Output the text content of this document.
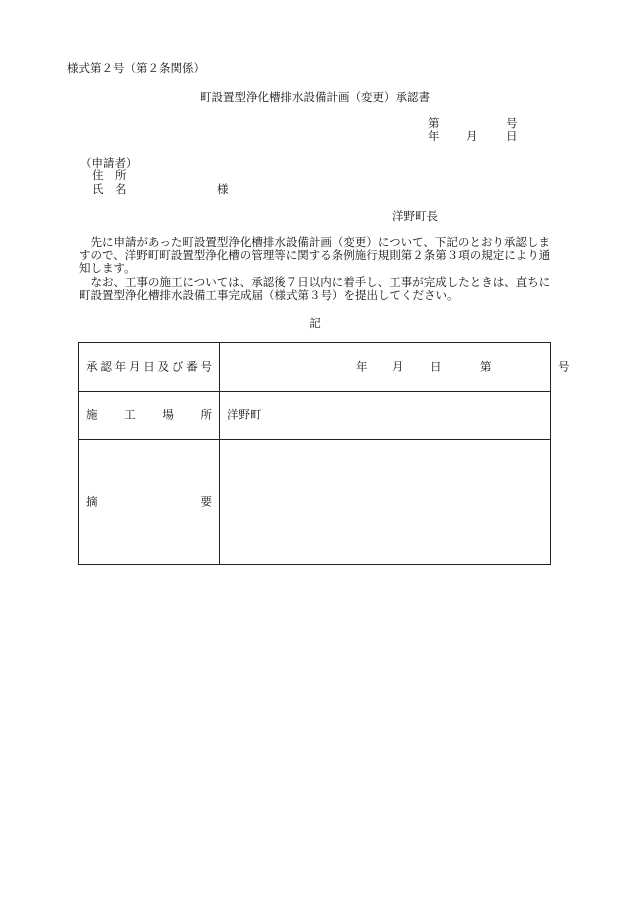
様式第２号（第２条関係）
町設置型浄化槽排水設備計画（変更）承認書
第	号
年 月 日
（申請者）
住　所
氏　名	様
洋野町長

　先に申請があった町設置型浄化槽排水設備計画（変更）について、下記のとおり承認しますので、洋野町町設置型浄化槽の管理等に関する条例施行規則第２条第３項の規定により通知します。

　なお、工事の施工については、承認後７日以内に着手し、工事が完成したときは、直ちに町設置型浄化槽排水設備工事完成届（様式第３号）を提出してください。

記
承 認 年 月 日 及 び 番 号	年 月 日	第	号
施 工 場 所 洋野町
摘	要
